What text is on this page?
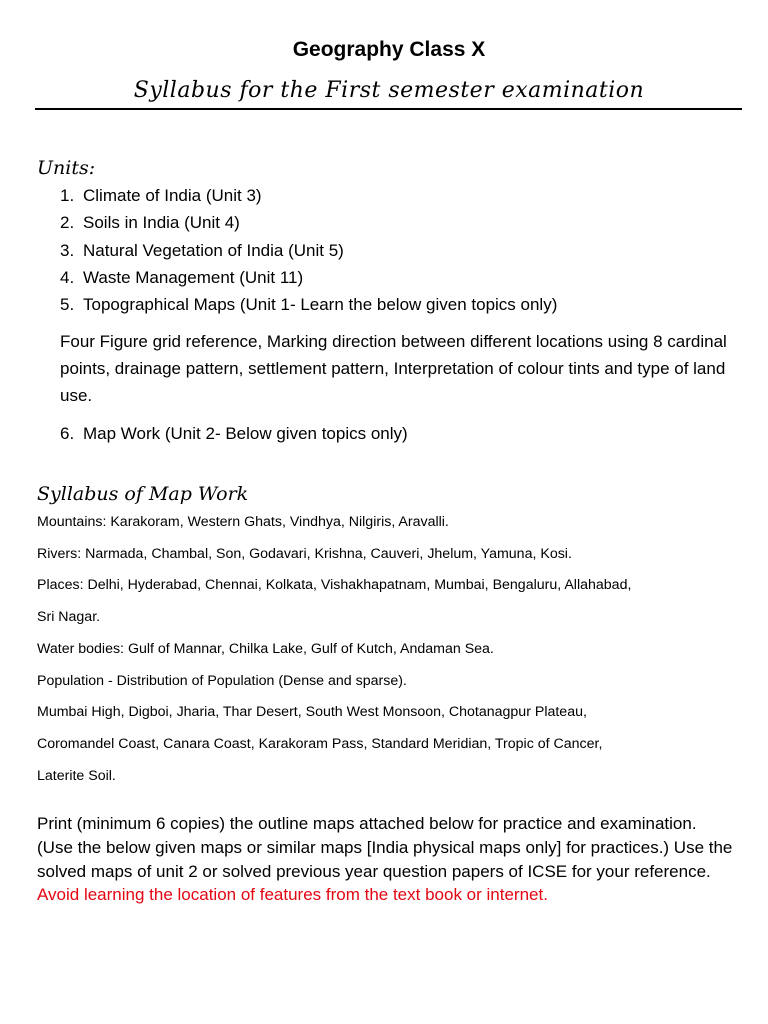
Geography Class X
Syllabus for the First semester examination
Units:
1. Climate of India (Unit 3)
2. Soils in India (Unit 4)
3. Natural Vegetation of India (Unit 5)
4. Waste Management (Unit 11)
5. Topographical Maps (Unit 1- Learn the below given topics only)

Four Figure grid reference, Marking direction between different locations using 8 cardinal points, drainage pattern, settlement pattern, Interpretation of colour tints and type of land use.

6. Map Work (Unit 2- Below given topics only)
Syllabus of Map Work

Mountains: Karakoram, Western Ghats, Vindhya, Nilgiris, Aravalli.

Rivers: Narmada, Chambal, Son, Godavari, Krishna, Cauveri, Jhelum, Yamuna, Kosi.

Places: Delhi, Hyderabad, Chennai, Kolkata, Vishakhapatnam, Mumbai, Bengaluru, Allahabad,

Sri Nagar.

Water bodies: Gulf of Mannar, Chilka Lake, Gulf of Kutch, Andaman Sea.

Population - Distribution of Population (Dense and sparse).

Mumbai High, Digboi, Jharia, Thar Desert, South West Monsoon, Chotanagpur Plateau,

Coromandel Coast, Canara Coast, Karakoram Pass, Standard Meridian, Tropic of Cancer,

Laterite Soil.

Print (minimum 6 copies) the outline maps attached below for practice and examination. (Use the below given maps or similar maps [India physical maps only] for practices.) Use the solved maps of unit 2 or solved previous year question papers of ICSE for your reference. Avoid learning the location of features from the text book or internet.
